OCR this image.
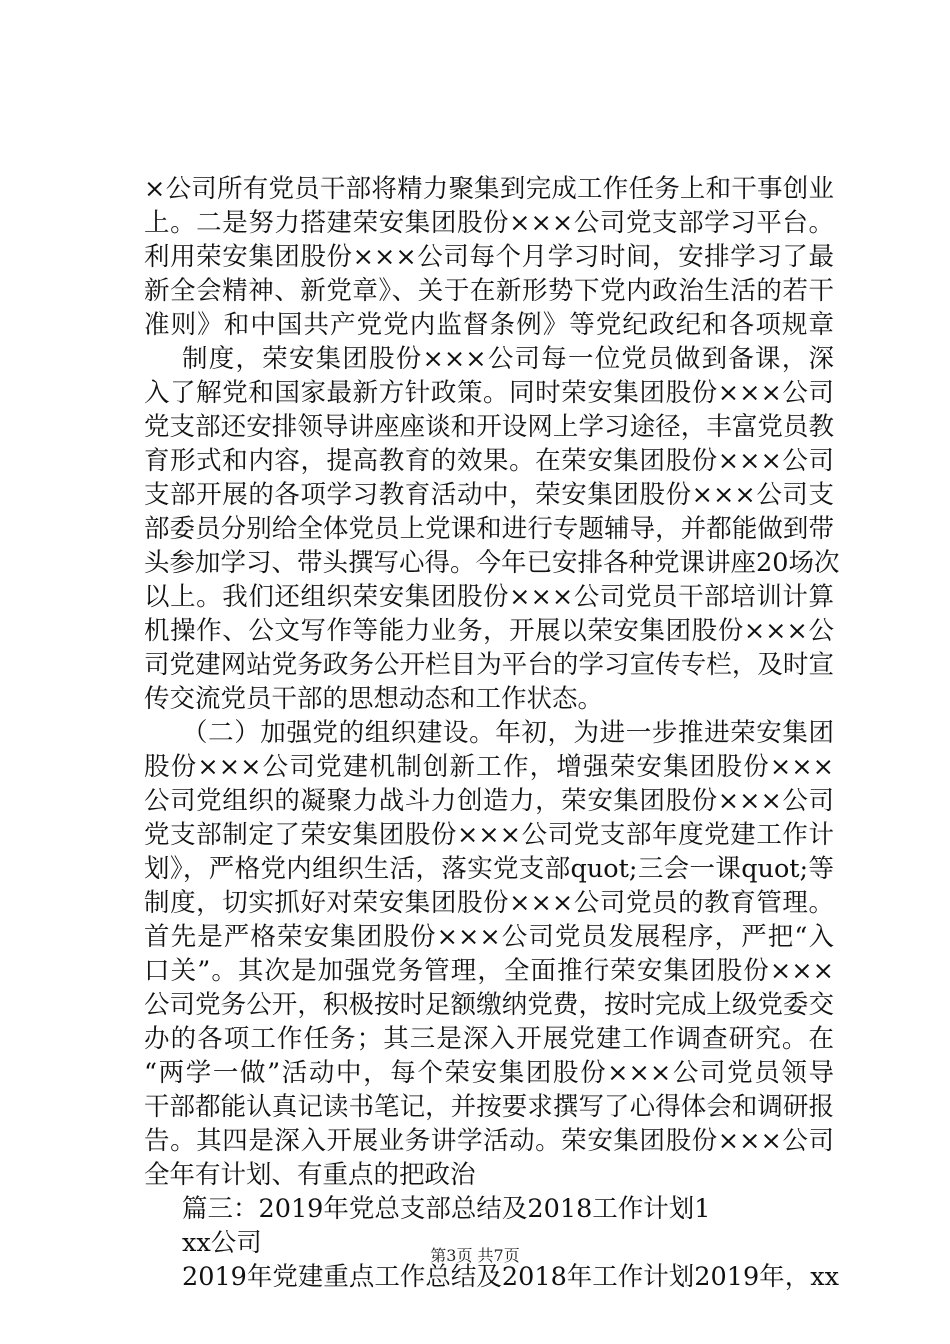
×公司所有党员干部将精力聚集到完成工作任务上和干事创业
上。二是努力搭建荣安集团股份×××公司党支部学习平台。
利用荣安集团股份×××公司每个月学习时间，安排学习了最
新全会精神、新党章》、关于在新形势下党内政治生活的若干
准则》和中国共产党党内监督条例》等党纪政纪和各项规章
制度，荣安集团股份×××公司每一位党员做到备课，深
入了解党和国家最新方针政策。同时荣安集团股份×××公司
党支部还安排领导讲座座谈和开设网上学习途径，丰富党员教
育形式和内容，提高教育的效果。在荣安集团股份×××公司
支部开展的各项学习教育活动中，荣安集团股份×××公司支
部委员分别给全体党员上党课和进行专题辅导，并都能做到带
头参加学习、带头撰写心得。今年已安排各种党课讲座20场次
以上。我们还组织荣安集团股份×××公司党员干部培训计算
机操作、公文写作等能力业务，开展以荣安集团股份×××公
司党建网站党务政务公开栏目为平台的学习宣传专栏，及时宣
传交流党员干部的思想动态和工作状态。
（二）加强党的组织建设。年初，为进一步推进荣安集团
股份×××公司党建机制创新工作，增强荣安集团股份×××
公司党组织的凝聚力战斗力创造力，荣安集团股份×××公司
党支部制定了荣安集团股份×××公司党支部年度党建工作计
划》，严格党内组织生活，落实党支部quot;三会一课quot;等
制度，切实抓好对荣安集团股份×××公司党员的教育管理。
首先是严格荣安集团股份×××公司党员发展程序，严把“入
口关”。其次是加强党务管理，全面推行荣安集团股份×××
公司党务公开，积极按时足额缴纳党费，按时完成上级党委交
办的各项工作任务；其三是深入开展党建工作调查研究。在
“两学一做”活动中，每个荣安集团股份×××公司党员领导
干部都能认真记读书笔记，并按要求撰写了心得体会和调研报
告。其四是深入开展业务讲学活动。荣安集团股份×××公司
全年有计划、有重点的把政治
篇三：2019年党总支部总结及2018工作计划1
xx公司
2019年党建重点工作总结及2018年工作计划2019年，xx
第3页 共7页
